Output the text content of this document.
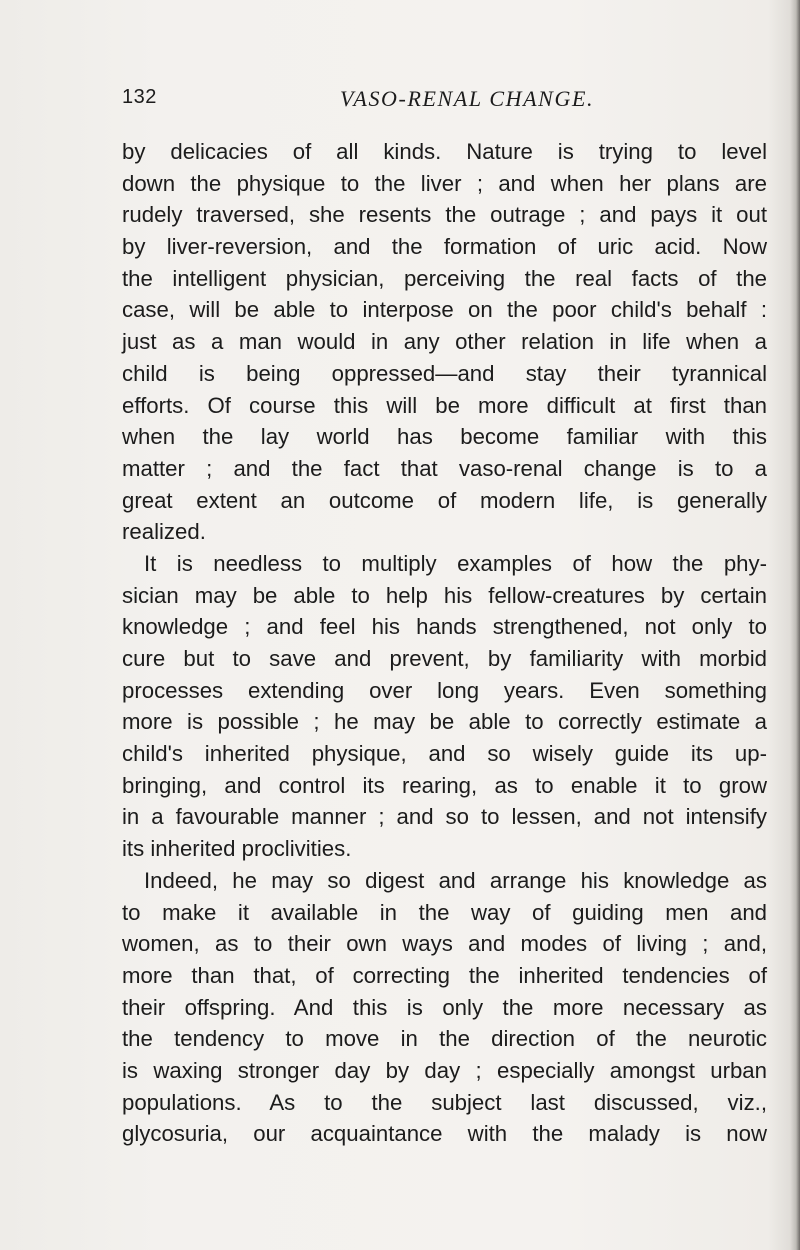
132	VASO-RENAL CHANGE.
by delicacies of all kinds. Nature is trying to level
down the physique to the liver ; and when her plans are
rudely traversed, she resents the outrage ; and pays it out
by liver-reversion, and the formation of uric acid. Now
the intelligent physician, perceiving the real facts of the
case, will be able to interpose on the poor child's behalf :
just as a man would in any other relation in life when a
child is being oppressed—and stay their tyrannical
efforts. Of course this will be more difficult at first than
when the lay world has become familiar with this
matter ; and the fact that vaso-renal change is to a
great extent an outcome of modern life, is generally
realized.
It is needless to multiply examples of how the phy-
sician may be able to help his fellow-creatures by certain
knowledge ; and feel his hands strengthened, not only to
cure but to save and prevent, by familiarity with morbid
processes extending over long years. Even something
more is possible ; he may be able to correctly estimate a
child's inherited physique, and so wisely guide its up-
bringing, and control its rearing, as to enable it to grow
in a favourable manner ; and so to lessen, and not intensify
its inherited proclivities.
Indeed, he may so digest and arrange his knowledge as
to make it available in the way of guiding men and
women, as to their own ways and modes of living ; and,
more than that, of correcting the inherited tendencies of
their offspring. And this is only the more necessary as
the tendency to move in the direction of the neurotic
is waxing stronger day by day ; especially amongst urban
populations. As to the subject last discussed, viz.,
glycosuria, our acquaintance with the malady is now
